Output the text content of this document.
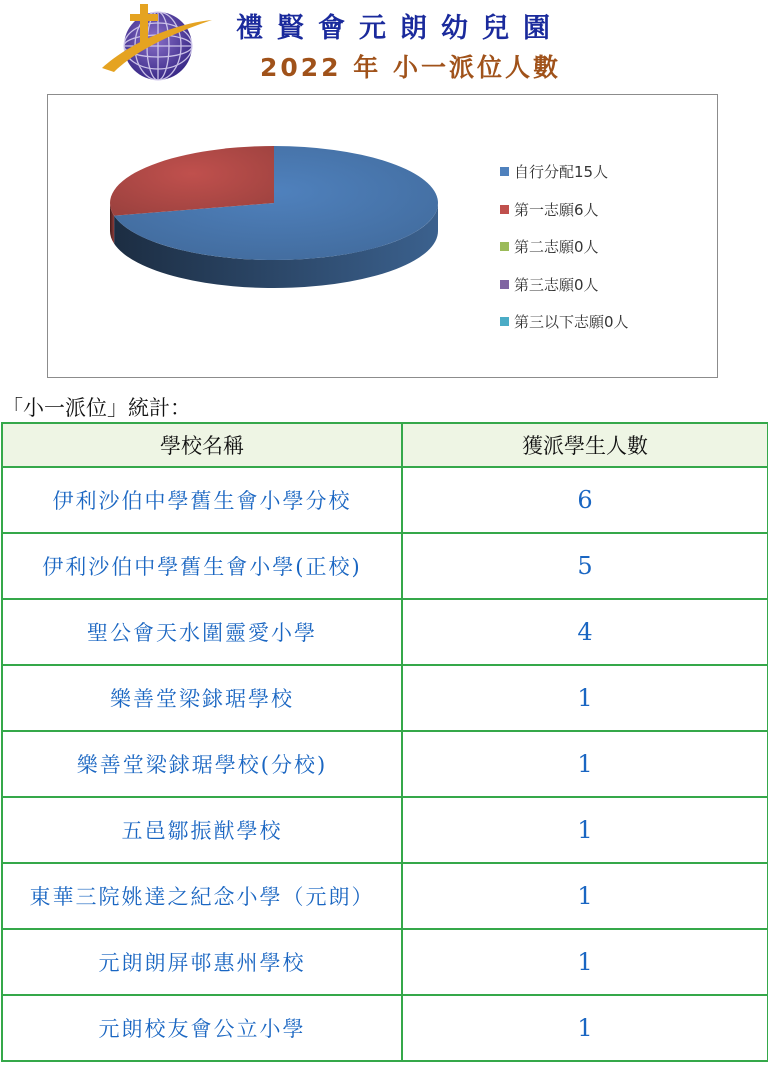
禮賢會元朗幼兒園
2022 年 小一派位人數
自行分配15人
第一志願6人
第二志願0人
第三志願0人
第三以下志願0人
「小一派位」統計：
學校名稱	獲派學生人數
伊利沙伯中學舊生會小學分校	6
伊利沙伯中學舊生會小學(正校)	5
聖公會天水圍靈愛小學	4
樂善堂梁銶琚學校	1
樂善堂梁銶琚學校(分校)	1
五邑鄒振猷學校	1
東華三院姚達之紀念小學（元朗）	1
元朗朗屏邨惠州學校	1
元朗校友會公立小學	1
